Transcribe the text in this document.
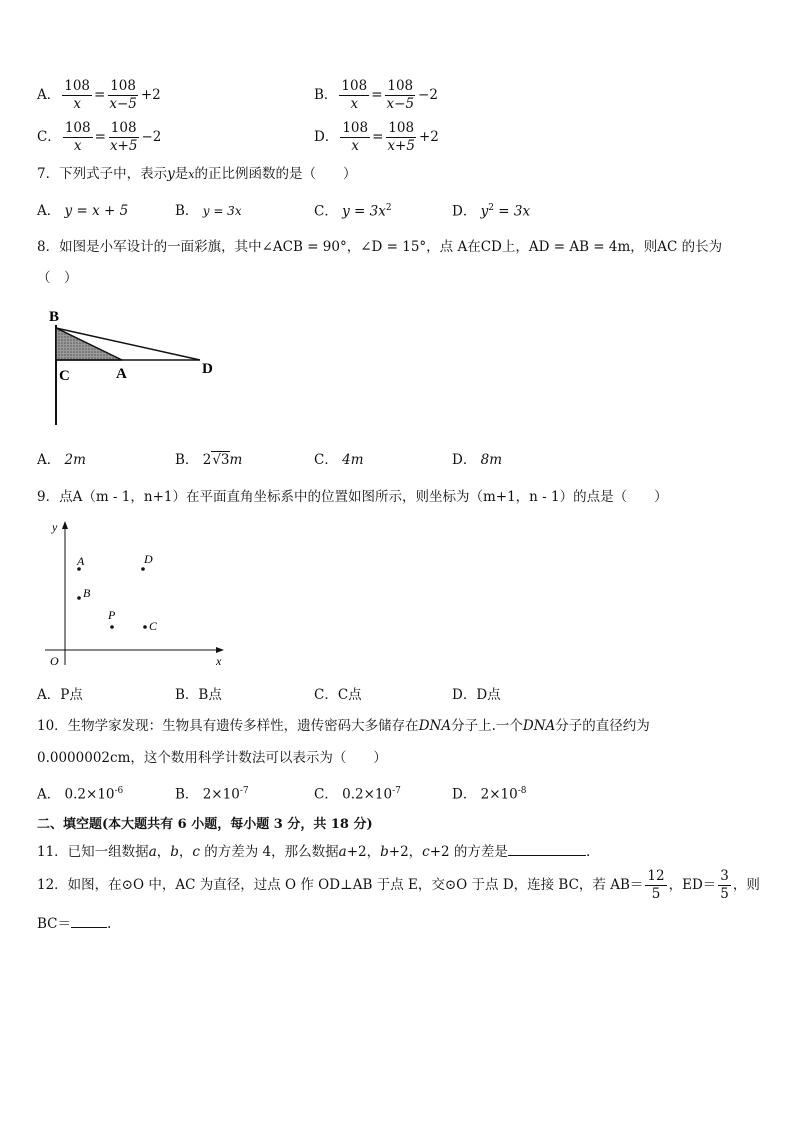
A． $\frac{108}{x} = \frac{108}{x-5} +2$	B． $\frac{108}{x} = \frac{108}{x-5} -2$
C． $\frac{108}{x} = \frac{108}{x+5} -2$	D． $\frac{108}{x} = \frac{108}{x+5} +2$
7．下列式子中，表示y是x的正比例函数的是（　　）
A． y = x + 5	B． y = 3x	C． $y = 3x^2$	D． $y^2 = 3x$
8．如图是小军设计的一面彩旗，其中∠ACB = 90°，∠D = 15°，点 A在CD上，AD = AB = 4m，则AC 的长为
（　）
B
C	A	D
A． 2m	B． 2√3m	C． 4m	D． 8m
9．点A（m - 1，n+1）在平面直角坐标系中的位置如图所示，则坐标为（m+1，n - 1）的点是（　　）
y
x
O
A
B
D
P
C
A．P点	B．B点	C．C点	D．D点
10．生物学家发现：生物具有遗传多样性，遗传密码大多储存在DNA分子上.一个DNA分子的直径约为
0.0000002cm，这个数用科学计数法可以表示为（　　）
A． $0.2\times 10^{-6}$	B． $2\times 10^{-7}$	C． $0.2\times 10^{-7}$	D． $2\times 10^{-8}$
二、填空题(本大题共有 6 小题，每小题 3 分，共 18 分)
11．已知一组数据a，b，c 的方差为 4，那么数据a+2，b+2，c+2 的方差是	.
12．如图，在⊙O 中，AC 为直径，过点 O 作 OD⊥AB 于点 E，交⊙O 于点 D，连接 BC，若 $AB= \frac{12}{5}$ ，$ED= \frac{3}{5}$ ，则
BC＝	.
